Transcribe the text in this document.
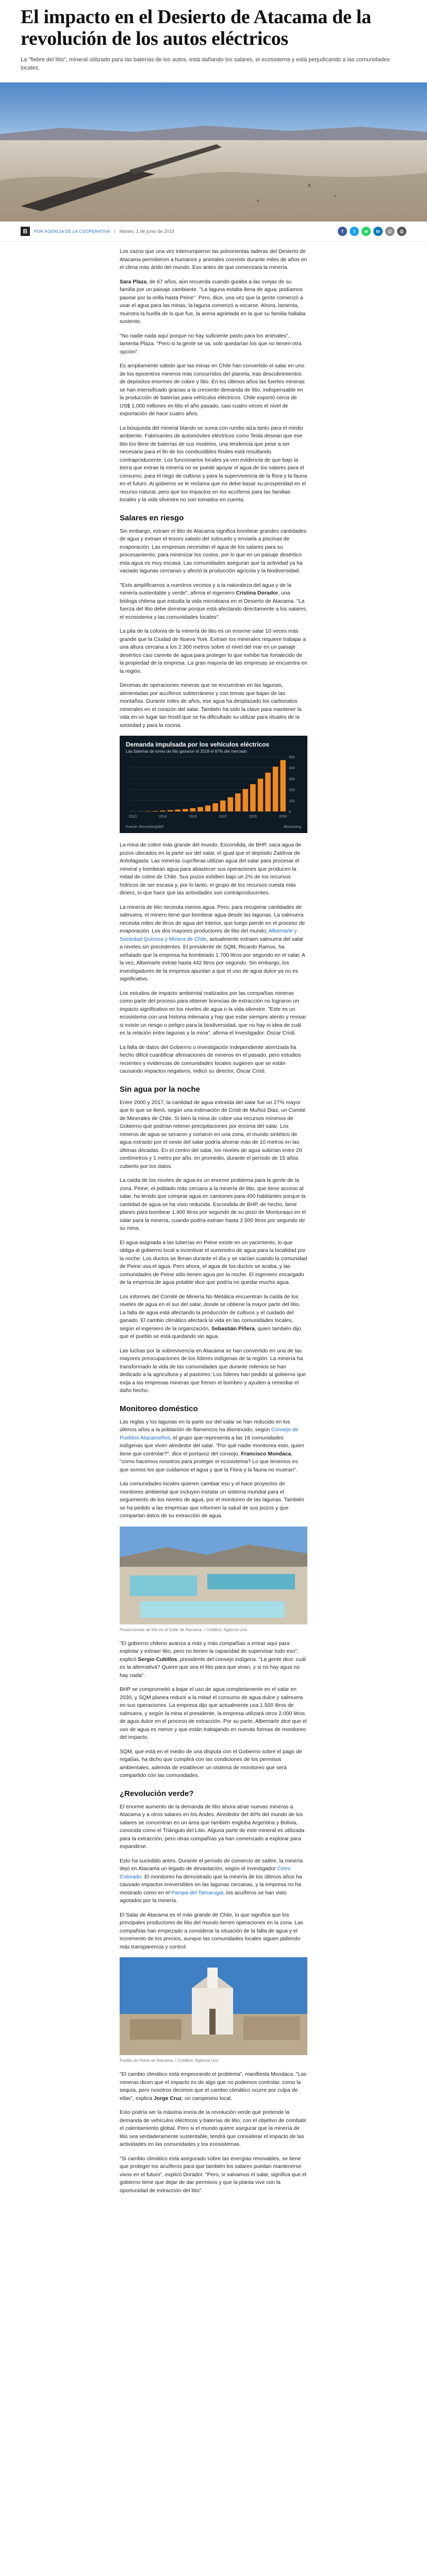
El impacto en el Desierto de Atacama de la revolución de los autos eléctricos
La "fiebre del litio", mineral utilizado para las baterías de los autos, está dañando los salares, el ecosistema y está perjudicando a las comunidades locales.
B	POR AGENCIA DE LA COOPERATIVA | Martes, 1 de junio de 2019	f	t	w	in	@	⎙

Los cazos que una vez interrumpieron las polvorientas laderas del Desierto de Atacama permitieron a humanos y animales coexistir durante miles de años en el clima más árido del mundo. Eso antes de que comenzara la minería.

Sara Plaza, de 67 años, aún recuerda cuando guiaba a las ovejas de su familia por un paisaje cambiante. "La laguna estaba llena de agua; podíamos pasear por la orilla hasta Peine". Pero, dice, una vez que la gente comenzó a usar el agua para las minas, la laguna comenzó a secarse. Ahora, lamenta, muestra la huella de lo que fue, la arena agrietada en la que su familia hallaba sustento.

"No nadie nada aquí porque no hay suficiente pasto para los animales", lamenta Plaza. "Pero si la gente se va, solo quedarían los que no tienen otra opción".

Es ampliamente sabido que las minas en Chile han convertido el salar en uno de los epicentros mineros más concurridos del planeta, tras descubrimientos de depósitos enormes de cobre y litio. En los últimos años las fuertes mineras se han intensificado gracias a la creciente demanda de litio, indispensable en la producción de baterías para vehículos eléctricos. Chile exportó cerca de US$ 1.000 millones en litio el año pasado, casi cuatro veces el nivel de exportación de hace cuatro años.

La búsqueda del mineral blando se suma con rumbo alza tanto para el medio ambiente. Fabricantes de automóviles eléctricos como Tesla desean que ese litio los llene de baterías de sus modelos, una tendencia que pese a ser necesaria para el fin de los combustibles fósiles está resultando contraproducente. Los funcionarios locales ya ven evidencia de que bajo la tierra que extrae la minería no se puede apoyar el agua de los salares para el consumo, para el riego de cultivos y para la supervivencia de la flora y la fauna en el futuro. Al gobierno se le reclama que no debe basar su prosperidad en el recurso natural, pero que los impactos en los acuíferos para las familias locales y la vida silvestre no son tomados en cuenta.

Salares en riesgo

Sin embargo, extraer el litio de Atacama significa bombear grandes cantidades de agua y extraer el tesoro salado del subsuelo y enviarla a piscinas de evaporación. Las empresas necesitan el agua de los salares para su procesamiento, para minimizar los costos, por lo que en un paisaje desértico esta agua es muy escasa. Las comunidades aseguran que la actividad ya ha vaciado lagunas cercanas y afectó la producción agrícola y la biodiversidad.

"Esto amplificamos a nuestros vecinos y a la naturaleza del agua y de la minería sustentable y verde", afirma el ingeniero Cristina Dorador, una bióloga chilena que estudia la vida microbiana en el Desierto de Atacama. "La fuerza del litio debe dominar porque está afectando directamente a los salares, el ecosistema y las comunidades locales".

La pila de la colonia de la minería de litio es un enorme salar 10 veces más grande que la Ciudad de Nueva York. Extraer los minerales requiere trabajar a una altura cercana a los 2.300 metros sobre el nivel del mar en un paisaje desértico casi carente de agua para proteger lo que exhibe fue fortalecido de la propiedad de la empresa. La gran mayoría de las empresas se encuentra en la región.

Decenas de operaciones mineras que se encuentran en las lagunas, alimentadas por acuíferos subterráneos y con temas que bajan de las montañas. Durante miles de años, ese agua ha desplazado los carbonatos minerales en el corazón del salar. También ha sido la clave para mantener la vida en un lugar tan hostil que se ha dificultado su utilizar para rituales de la sociedad y para la cocina.

Demanda impulsada por los vehículos eléctricos
Las baterías de iones de litio ganaron el 2018 el 87% del mercado
0
100
200
300
400
500
2010	2014	2018	2022	2026	2030
Fuente: BloombergNEF	Bloomberg

La mina de cobre más grande del mundo, Escondida, de BHP, saca agua de pozos ubicados en la parte sur del salar, el igual que el depósito Zaldívar de Antofagasta. Las mineras cupríferas utilizan agua del salar para procesar el mineral y bombean agua para abastecer sus operaciones que producen la mitad de cobre de Chile. Sus pozos exhiben bajo un 2% de los recursos hídricos de ser escasa y, por lo tanto, el grupo de los recursos cuesta más dinero, lo que hace que las actividades son contraproducentes.

La minería de litio necesita menos agua. Pero, para recuperar cantidades de salmuera, el minero tiene que bombear agua desde las lagunas. La salmuera necesita miles de litros de agua del interior, que luego pierde en el proceso de evaporación. Los dos mayores productores de litio del mundo, Albemarle y Sociedad Química y Minera de Chile, actualmente extraen salmuera del salar a niveles sin precedentes. El presidente de SQM, Ricardo Ramos, ha señalado que la empresa ha bombeado 1.700 litros por segundo en el salar. A la vez, Albemarle extrae hasta 442 litros por segundo. Sin embargo, los investigadores de la empresa apuntan a que el uso de agua dulce ya no es significativo.

Los estudios de impacto ambiental realizados por las compañías mineras como parte del proceso para obtener licencias de extracción no lograron un impacto significativo en los niveles de agua o la vida silvestre. "Este es un ecosistema con una historia milenaria y hay que estar siempre atento y revisar si existe un riesgo o peligro para la biodiversidad, que no hay ni idea de cuál es la relación entre lagunas y la mina", afirma el investigador. Óscar Cristi.

La falta de datos del Gobierno o investigación independiente aterrizada ha hecho difícil cuantificar afirmaciones de mineros en el pasado, pero estudios recientes y evidencias de comunidades locales sugieren que se están causando impactos negativos, indicó su director, Óscar Cristi.

Sin agua por la noche

Entre 2000 y 2017, la cantidad de agua extraída del salar fue un 27% mayor que lo que se llenó, según una estimación de Cristi de Muñoz Diaz, un Comité de Minerales de Chile. Si bien la mina de cobre usa recursos mínimos de Gobierno que podrían retener precipitaciones por encima del salar. Los mineros de agua se secaron y cortaron en una zona, el mundo sintético de agua extraído por el oeste del salar podría ahorrar más de 10 metros en las últimas décadas. En el centro del salar, los niveles de agua subirían entre 20 centímetros y 1 metro por año, en promedio, durante el período de 15 años cubierto por los datos.

La caída de los niveles de agua es un enorme problema para la gente de la zona. Peine, el poblado más cercano a la minería de litio, que tiene acceso al salar, ha tenido que comprar agua en camiones para 400 habitantes porque la cantidad de agua se ha visto reducida. Escondida de BHP, de hecho, tiene planes para bombear 1.400 litros por segundo de su pozo de Monturaqui en el salar para la minería, cuando podría extraer hasta 2.500 litros por segundo de su mina.

El agua asignada a las tuberías en Peine existe en un yacimiento, lo que obliga al gobierno local a incentivar el suministro de agua para la localidad por la noche. Los ductos se llenan durante el día y se vacían cuando la comunidad de Peine usa el agua. Pero ahora, el agua de los ductos se acaba, y las comunidades de Peine sólo tienen agua por la noche. El ingeniero encargado de la empresa de agua potable dice que podría no quedar mucho agua.

Los informes del Comité de Minería No Metálica encuentran la caída de los niveles de agua en el sur del salar, donde se obtiene la mayor parte del litio. La falta de agua está afectando la producción de cultivos y el cuidado del ganado. El cambio climático afectará la vida en las comunidades locales, según el ingeniero de la organización, Sebastián Piñera, quien también dijo que el pueblo se está quedando sin agua.

Las luchas por la sobrevivencia en Atacama se han convertido en una de las mayores preocupaciones de los líderes indígenas de la región. La minería ha transformado la vida de las comunidades que durante milenios se han dedicado a la agricultura y al pastoreo. Los líderes han pedido al gobierno que exija a las empresas mineras que frenen el bombeo y ayuden a remediar el daño hecho.

Monitoreo doméstico

Las reglas y los lagunas en la parte sur del salar se han reducido en los últimos años a la población de flamencos ha disminuido, según Consejo de Pueblos Atacameños, el grupo que representa a las 18 comunidades indígenas que viven alrededor del salar. "Por qué nadie monitorea esto, quien tiene que controlar?", dice el portavoz del consejo, Francisco Mondaca, "como hacemos nosotros para proteger el ecosistema? Lo que tenemos es que somos los que cuidamos el agua y que la Flora y la fauna no mueran".

Las comunidades locales quieren cambiar eso y el hace proyectos de monitoreo ambiental que incluyen instalar un sistema mundial para el seguimiento de los niveles de agua, por el monitoreo de las lagunas. También se ha pedido a las empresas que informen la salud de sus pozos y que compartan datos de su extracción de agua.

Producciones de litio en el Salar de Atacama. / Créditos: Agencia Uno

"El gobierno chileno avanza a más y más compañías a entrar aquí para explotar y extraer litio, pero no tienen la capacidad de supervisar todo eso", explicó Sergio Cubillos, presidente del consejo indígena. "La gente dice: cuál es la alternativa? Quiere que sea el litio para que vivan, y si no hay agua no hay nada".

BHP se comprometió a bajar el uso de agua completamente en el salar en 2030, y SQM planea reducir a la mitad el consumo de agua dulce y salmuera en sus operaciones. La empresa dijo que actualmente usa 1.500 litros de salmuera, y según la mina el presidente, la empresa utilizará otros 2.000 litros de agua dulce en el proceso de extracción. Por su parte, Albemarle dice que el uso de agua es menor y que están trabajando en nuevas formas de monitoreo del impacto.

SQM, que está en el medio de una disputa con el Gobierno sobre el pago de regalías, ha dicho que cumplirá con las condiciones de los permisos ambientales, además de establecer un sistema de monitoreo que será compartido con las comunidades.

¿Revolución verde?

El enorme aumento de la demanda de litio ahora atrae nuevas mineras a Atacama y a otros salares en los Andes. Alrededor del 40% del mundo de los salares se concentran en un área que también engloba Argentina y Bolivia, conocida como el Triángulo del Litio. Alguna parte de este mineral es utilizada para la extracción, pero otras compañías ya han comenzado a explorar para expandirse.

Esto ha sucedido antes. Durante el periodo de comercio de salitre, la minería dejó en Atacama un legado de devastación, según el investigador Cerro Colorado. El monitoreo ha demostrado que la minería de los últimos años ha causado impactos irreversibles en las lagunas cercanas, y la empresa no ha mostrado como en el Pampa del Tamarugal, los acuíferos se han visto agotados por la minería.

El Salar de Atacama es el más grande de Chile, lo que significa que los principales productores de litio del mundo tienen operaciones en la zona. Las compañías han empezado a considerar la situación de la falta de agua y el incremento de los precios, aunque las comunidades locales siguen pidiendo más transparencia y control.

Pueblo de Peine en Atacama. / Créditos: Agencia Uno

"El cambio climático está empeorando el problema", manifiesta Mondaca. "Las mineras dicen que el impacto es de algo que no podemos controlar, como la sequía, pero nosotros decimos que el cambio climático ocurre por culpa de ellas", explica Jorge Cruz, un campesino local.

Esto podría ser la máxima ironía de la revolución verde que pretende la demanda de vehículos eléctricos y baterías de litio, con el objetivo de combatir el calentamiento global. Pero si el mundo quiere asegurar que la minería de litio sea verdaderamente sustentable, tendrá que considerar el impacto de las actividades en las comunidades y los ecosistemas.

"Si cambio climático está asegurado sobre las energías renovables, se tiene que proteger los acuíferos para que también los salares puedan mantenerse vivos en el futuro", explicó Dorador. "Pero, si salvamos el salar, significa que el gobierno tiene que dejar de dar permisos y que la planta vive con la oportunidad de extracción del litio".
